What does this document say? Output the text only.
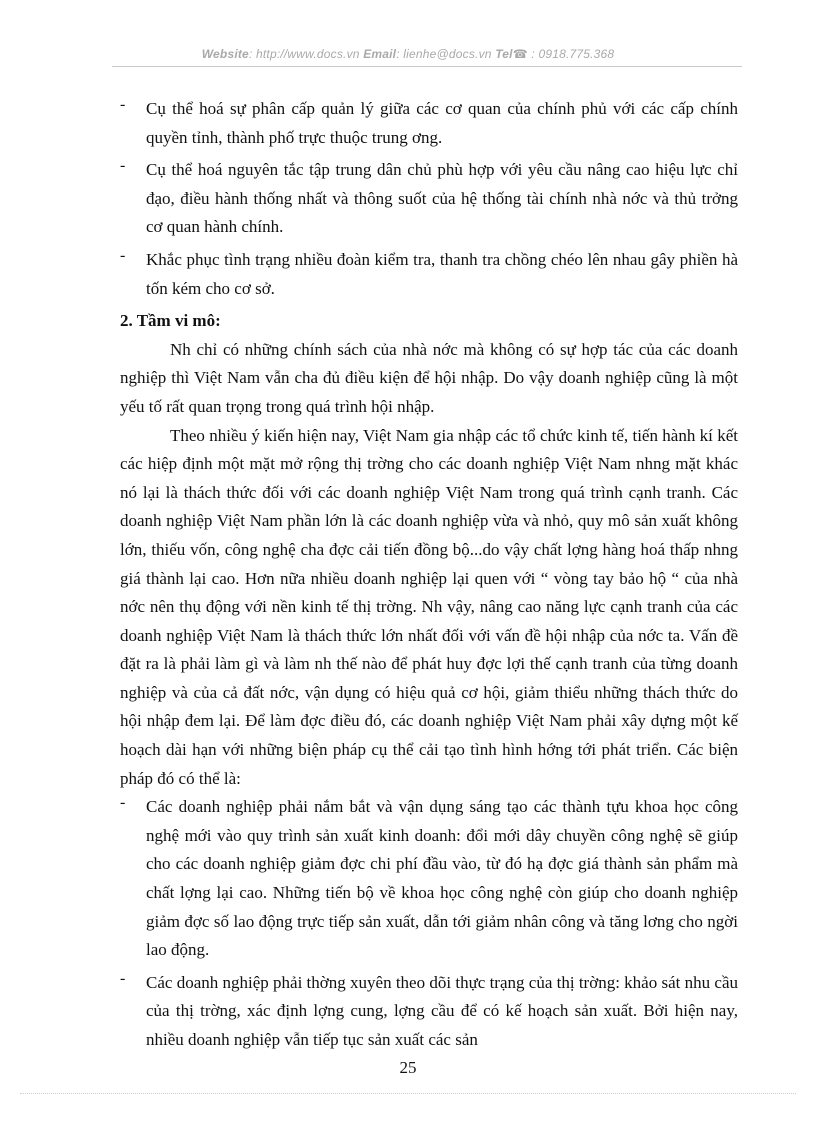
Website: http://www.docs.vn Email: lienhe@docs.vn Tel☎ : 0918.775.368
- Cụ thể hoá sự phân cấp quản lý giữa các cơ quan của chính phủ với các cấp chính quyền tỉnh, thành phố trực thuộc trung ơng.
- Cụ thể hoá nguyên tắc tập trung dân chủ phù hợp với yêu cầu nâng cao hiệu lực chỉ đạo, điều hành thống nhất và thông suốt của hệ thống tài chính nhà nớc và thủ trởng cơ quan hành chính.
- Khắc phục tình trạng nhiều đoàn kiểm tra, thanh tra chồng chéo lên nhau gây phiền hà tốn kém cho cơ sở.

2. Tầm vi mô:

Nh chỉ có những chính sách của nhà nớc mà không có sự hợp tác của các doanh nghiệp thì Việt Nam vẫn cha đủ điều kiện để hội nhập. Do vậy doanh nghiệp cũng là một yếu tố rất quan trọng trong quá trình hội nhập.

Theo nhiều ý kiến hiện nay, Việt Nam gia nhập các tổ chức kinh tế, tiến hành kí kết các hiệp định một mặt mở rộng thị trờng cho các doanh nghiệp Việt Nam nhng mặt khác nó lại là thách thức đối với các doanh nghiệp Việt Nam trong quá trình cạnh tranh. Các doanh nghiệp Việt Nam phần lớn là các doanh nghiệp vừa và nhỏ, quy mô sản xuất không lớn, thiếu vốn, công nghệ cha đợc cải tiến đồng bộ...do vậy chất lợng hàng hoá thấp nhng giá thành lại cao. Hơn nữa nhiều doanh nghiệp lại quen với “ vòng tay bảo hộ “ của nhà nớc nên thụ động với nền kinh tế thị trờng. Nh vậy, nâng cao năng lực cạnh tranh của các doanh nghiệp Việt Nam là thách thức lớn nhất đối với vấn đề hội nhập của nớc ta. Vấn đề đặt ra là phải làm gì và làm nh thế nào để phát huy đợc lợi thế cạnh tranh của từng doanh nghiệp và của cả đất nớc, vận dụng có hiệu quả cơ hội, giảm thiểu những thách thức do hội nhập đem lại. Để làm đợc điều đó, các doanh nghiệp Việt Nam phải xây dựng một kế hoạch dài hạn với những biện pháp cụ thể cải tạo tình hình hớng tới phát triển. Các biện pháp đó có thể là:

- Các doanh nghiệp phải nắm bắt và vận dụng sáng tạo các thành tựu khoa học công nghệ mới vào quy trình sản xuất kinh doanh: đổi mới dây chuyền công nghệ sẽ giúp cho các doanh nghiệp giảm đợc chi phí đầu vào, từ đó hạ đợc giá thành sản phẩm mà chất lợng lại cao. Những tiến bộ về khoa học công nghệ còn giúp cho doanh nghiệp giảm đợc số lao động trực tiếp sản xuất, dẫn tới giảm nhân công và tăng lơng cho ngời lao động.
- Các doanh nghiệp phải thờng xuyên theo dõi thực trạng của thị trờng: khảo sát nhu cầu của thị trờng, xác định lợng cung, lợng cầu để có kế hoạch sản xuất. Bởi hiện nay, nhiều doanh nghiệp vẫn tiếp tục sản xuất các sản
25
